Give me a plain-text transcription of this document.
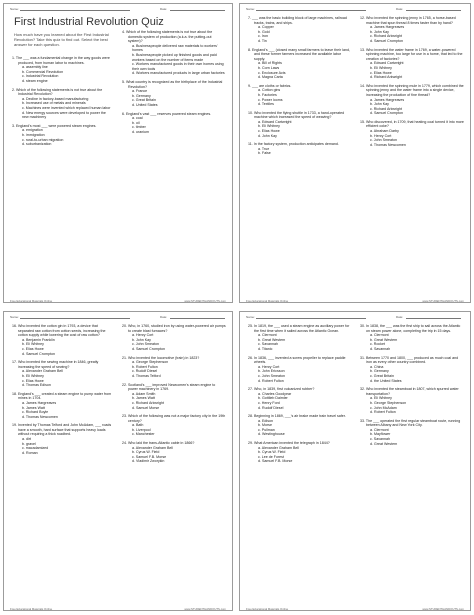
Name:	Date:
First Industrial Revolution Quiz
How much have you learned about the First Industrial Revolution? Take this quiz to find out. Select the best answer for each question.
1. The ___ was a fundamental change in the way goods were produced, from human labor to machines.
a. assembly line
b. Commercial Revolution
c. Industrial Revolution
d. steam engine
2. Which of the following statements is not true about the Industrial Revolution?
a. Decline in factory-based manufacturing
b. Increased use of metals and minerals
c. Machines were invented which replaced human labor
d. New energy sources were developed to power the new machinery
3. England's most ___ were powered steam engines.
a. emigration
b. immigration
c. rural-to-urban migration
d. suburbanization
4. Which of the following statements is not true about the domestic system of production (a.k.a. the putting-out system)?
a. Businesspeople delivered raw materials to workers' homes
b. Businesspeople picked up finished goods and paid workers based on the number of items made
c. Workers manufactured goods in their own homes using their own tools
d. Workers manufactured products in large urban factories
5. What country is recognized as the birthplace of the Industrial Revolution?
a. France
b. Germany
c. Great Britain
d. United States
6. England's vast ___ reserves powered steam engines.
a. coal
b. oil
c. timber
d. uranium
Free Educational Materials Online	www.STUDENTHANDOUTS.com
Name:	Date:
7. ___ was the basic building block of large machines, railroad tracks, trains, and ships.
a. Copper
b. Gold
c. Iron
d. Tin
8. England's ___ (closed many small farmers to leave their land, and these former farmers increased the available labor supply.
a. Bill of Rights
b. Corn Laws
c. Enclosure Acts
d. Magna Carta
9. ___ are cloths or fabrics.
a. Cotton gins
b. Factories
c. Power looms
d. Textiles
10. Who invented the flying shuttle in 1733, a hand-operated machine which increased the speed of weaving?
a. Edward Cartwright
b. Eli Whitney
c. Elias Howe
d. John Kay
11. In the factory system, production anticipates demand.
a. True
b. False
12. Who invented the spinning jenny in 1765, a horse-based machine that spun thread 8 times faster than by hand?
a. James Hargreaves
b. John Kay
c. Richard Arkwright
d. Samuel Crompton
13. Who invented the water frame in 1769, a water-powered spinning machine, too large for use in a home, that led to the creation of factories?
a. Edward Cartwright
b. Eli Whitney
c. Elias Howe
d. Richard Arkwright
14. Who invented the spinning mule in 1779, which combined the spinning jenny and the water frame into a single device, increasing the production of fine thread?
a. James Hargreaves
b. John Kay
c. Richard Arkwright
d. Samuel Crompton
15. Who discovered, in 1709, that heating coal turned it into more efficient coke?
a. Abraham Darby
b. Henry Cort
c. John Smeaton
d. Thomas Newcomen
Free Educational Materials Online	www.STUDENTHANDOUTS.com
Name:	Date:
16. Who invented the cotton gin in 1793, a device that separated raw cotton from cotton seeds, increasing the cotton supply while lowering the cost of raw cotton?
a. Benjamin Franklin
b. Eli Whitney
c. Elias Howe
d. Samuel Crompton
17. Who invented the sewing machine in 1846, greatly increasing the speed of sewing?
a. Alexander Graham Bell
b. Eli Whitney
c. Elias Howe
d. Thomas Edison
18. England's ___ created a steam engine to pump water from mines in 1704.
a. James Hargreaves
b. James Watt
c. Richard Boyle
d. Thomas Newcomen
19. Invented by Thomas Telford and John McAdam, ___ roads have a smooth, hard surface that supports heavy loads without requiring a thick roadbed.
a. dirt
b. gravel
c. macadamized
d. Roman
20. Who, in 1760, studied iron by using water-powered air pumps to create blast furnaces?
a. Henry Cort
b. John Kay
c. John Smeaton
d. Samuel Crompton
21. Who invented the locomotive (train) in 1823?
a. George Stephenson
b. Robert Fulton
c. Rudolf Diesel
d. Thomas Telford
22. Scotland's ___ improved Newcomen's steam engine to power machinery in 1769.
a. Adam Smith
b. James Watt
c. Richard Arkwright
d. Samuel Morse
23. Which of the following was not a major factory city in the 19th century?
a. Bath
b. Liverpool
c. Manchester
24. Who laid the trans-Atlantic cable in 1866?
a. Alexander Graham Bell
b. Cyrus W. Field
c. Samuel F.B. Morse
d. Vladimir Zworykin
Free Educational Materials Online	www.STUDENTHANDOUTS.com
Name:	Date:
25. In 1819, the ___ used a steam engine as auxiliary power for the first time when it sailed across the Atlantic Ocean.
a. Clermont
b. Great Western
c. Savannah
d. Titanic
26. In 1836, ___ invented a screw propeller to replace paddle wheels.
a. Henry Cort
b. John Ericsson
c. John Smeaton
d. Robert Fulton
27. Who, in 1839, first vulcanized rubber?
a. Charles Goodyear
b. Gottlieb Daimler
c. Henry Ford
d. Rudolf Diesel
28. Beginning in 1869, ___'s air brake made train travel safer.
a. Edison
b. Morse
c. Pullman
d. Westinghouse
29. What American invented the telegraph in 1844?
a. Alexander Graham Bell
b. Cyrus W. Field
c. Lee de Forest
d. Samuel F.B. Morse
30. In 1838, the ___ was the first ship to sail across the Atlantic on steam power alone, completing the trip in 15 days.
a. Clermont
b. Great Western
c. Rocket
d. Savannah
31. Between 1770 and 1800, ___ produced as much coal and iron as every other country combined.
a. China
b. Germany
c. Great Britain
d. the United States
32. Who invented the steamboat in 1807, which spurred water transportation?
a. Eli Whitney
b. George Stephenson
c. John McAdam
d. Robert Fulton
33. The ___ operated the first regular steamboat route, running between Albany and New York City.
a. Clermont
b. Mayflower
c. Savannah
d. Great Western
Free Educational Materials Online	www.STUDENTHANDOUTS.com
